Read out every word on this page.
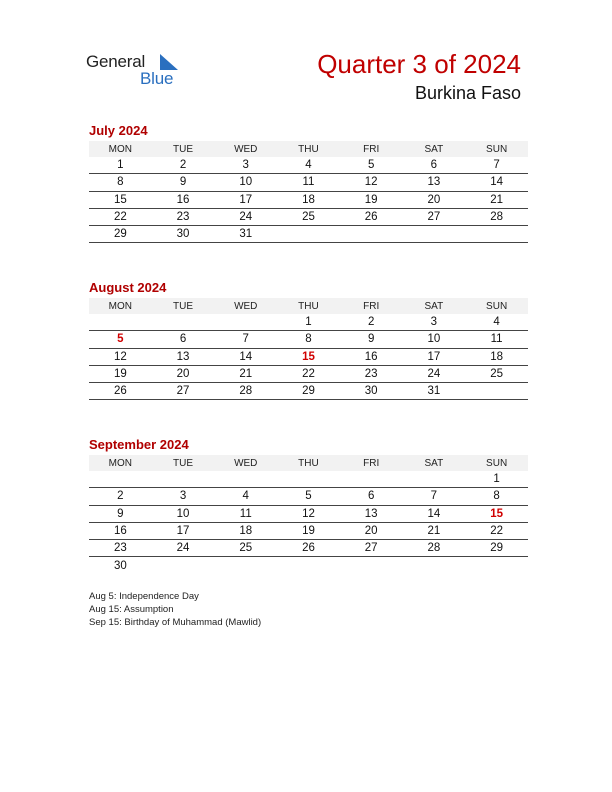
General
Blue	Quarter 3 of 2024
Burkina Faso
July 2024
MON	TUE	WED	THU	FRI	SAT	SUN
1	2	3	4	5	6	7
8	9	10	11	12	13	14
15	16	17	18	19	20	21
22	23	24	25	26	27	28
29	30	31				
August 2024
MON	TUE	WED	THU	FRI	SAT	SUN
			1	2	3	4
5	6	7	8	9	10	11
12	13	14	15	16	17	18
19	20	21	22	23	24	25
26	27	28	29	30	31	
September 2024
MON	TUE	WED	THU	FRI	SAT	SUN
						1
2	3	4	5	6	7	8
9	10	11	12	13	14	15
16	17	18	19	20	21	22
23	24	25	26	27	28	29
30						
Aug 5: Independence Day
Aug 15: Assumption
Sep 15: Birthday of Muhammad (Mawlid)
